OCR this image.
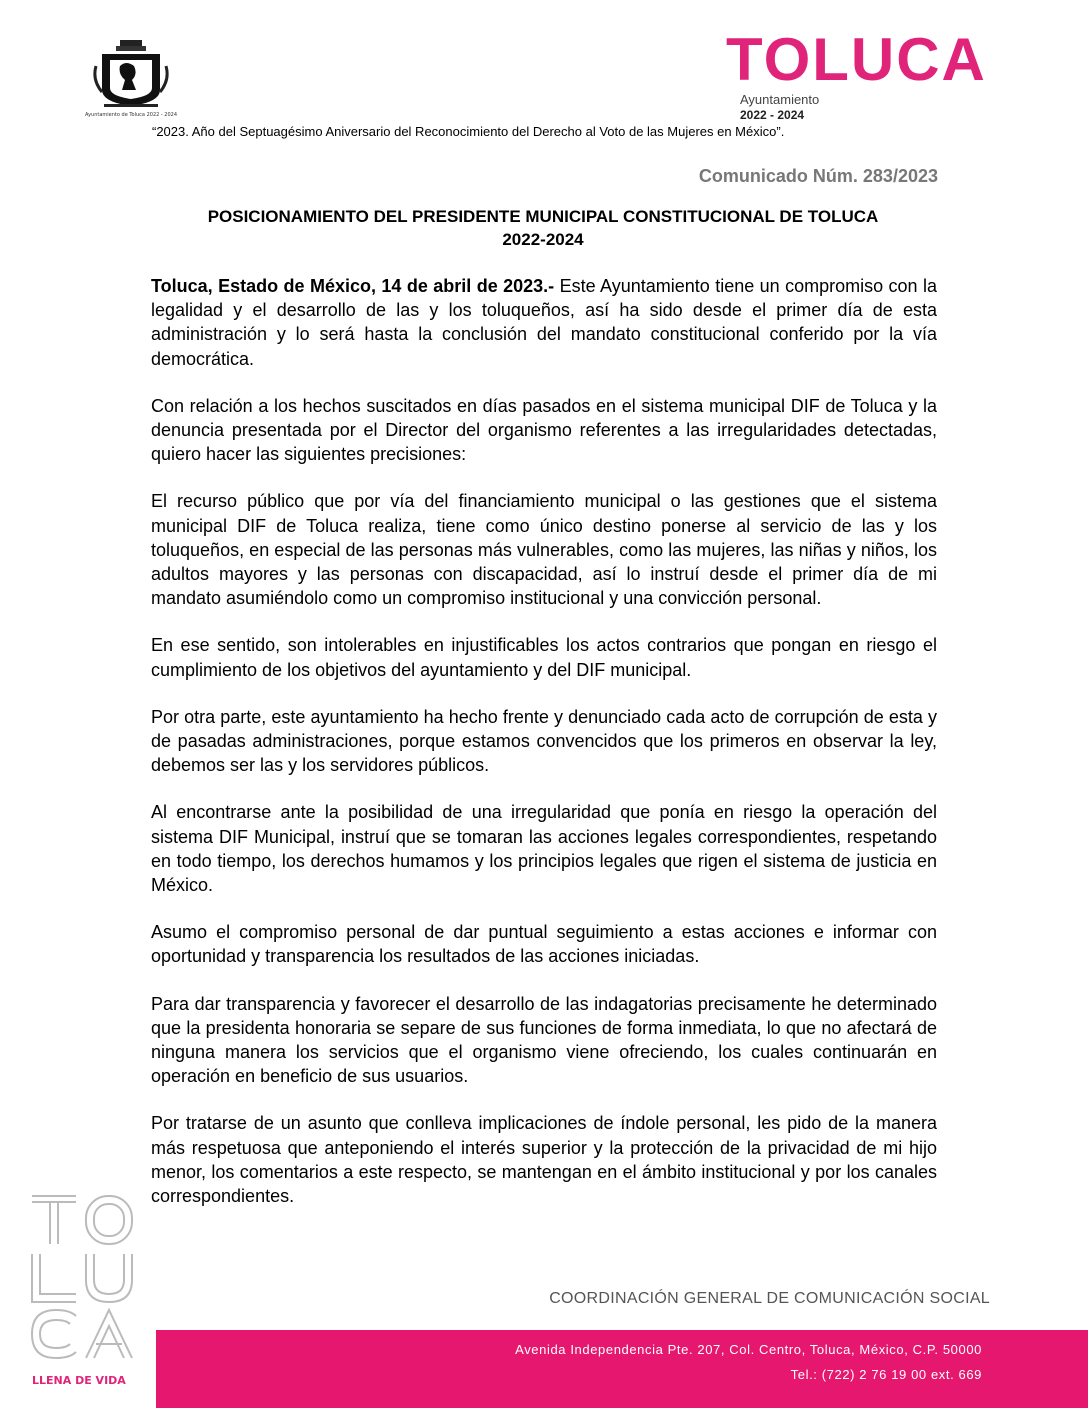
Ayuntamiento de Toluca 2022 - 2024
TOLUCA
Ayuntamiento
2022 - 2024
“2023. Año del Septuagésimo Aniversario del Reconocimiento del Derecho al Voto de las Mujeres en México”.
Comunicado Núm. 283/2023
POSICIONAMIENTO DEL PRESIDENTE MUNICIPAL CONSTITUCIONAL DE TOLUCA
2022-2024

Toluca, Estado de México, 14 de abril de 2023.- Este Ayuntamiento tiene un compromiso con la legalidad y el desarrollo de las y los toluqueños, así ha sido desde el primer día de esta administración y lo será hasta la conclusión del mandato constitucional conferido por la vía democrática.

Con relación a los hechos suscitados en días pasados en el sistema municipal DIF de Toluca y la denuncia presentada por el Director del organismo referentes a las irregularidades detectadas, quiero hacer las siguientes precisiones:

El recurso público que por vía del financiamiento municipal o las gestiones que el sistema municipal DIF de Toluca realiza, tiene como único destino ponerse al servicio de las y los toluqueños, en especial de las personas más vulnerables, como las mujeres, las niñas y niños, los adultos mayores y las personas con discapacidad, así lo instruí desde el primer día de mi mandato asumiéndolo como un compromiso institucional y una convicción personal.

En ese sentido, son intolerables en injustificables los actos contrarios que pongan en riesgo el cumplimiento de los objetivos del ayuntamiento y del DIF municipal.

Por otra parte, este ayuntamiento ha hecho frente y denunciado cada acto de corrupción de esta y de pasadas administraciones, porque estamos convencidos que los primeros en observar la ley, debemos ser las y los servidores públicos.

Al encontrarse ante la posibilidad de una irregularidad que ponía en riesgo la operación del sistema DIF Municipal, instruí que se tomaran las acciones legales correspondientes, respetando en todo tiempo, los derechos humamos y los principios legales que rigen el sistema de justicia en México.

Asumo el compromiso personal de dar puntual seguimiento a estas acciones e informar con oportunidad y transparencia los resultados de las acciones iniciadas.

Para dar transparencia y favorecer el desarrollo de las indagatorias precisamente he determinado que la presidenta honoraria se separe de sus funciones de forma inmediata, lo que no afectará de ninguna manera los servicios que el organismo viene ofreciendo, los cuales continuarán en operación en beneficio de sus usuarios.

Por tratarse de un asunto que conlleva implicaciones de índole personal, les pido de la manera más respetuosa que anteponiendo el interés superior y la protección de la privacidad de mi hijo menor, los comentarios a este respecto, se mantengan en el ámbito institucional y por los canales correspondientes.

LLENA DE VIDA
COORDINACIÓN GENERAL DE COMUNICACIÓN SOCIAL
Avenida Independencia Pte. 207, Col. Centro, Toluca, México, C.P. 50000
Tel.: (722) 2 76 19 00 ext. 669
